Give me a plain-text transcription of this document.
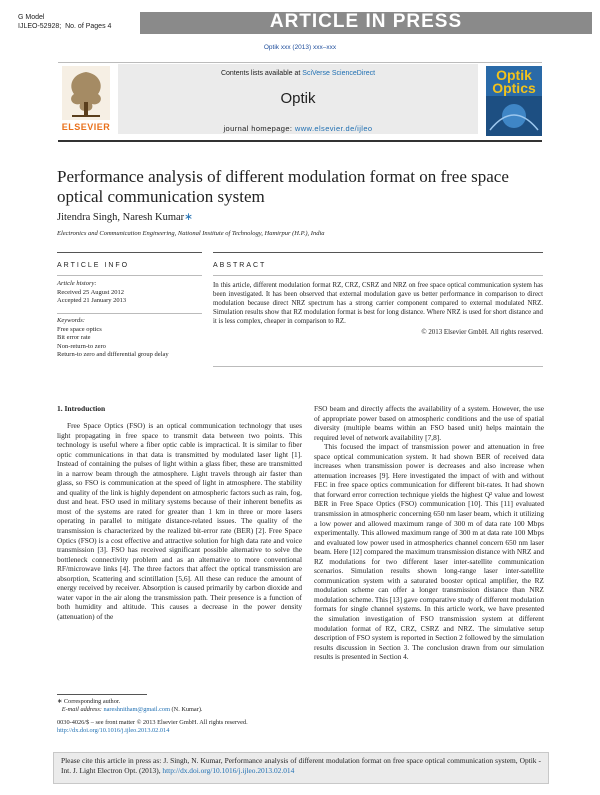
G Model
IJLEO-52928; No. of Pages 4	ARTICLE IN PRESS
Optik xxx (2013) xxx–xxx
ELSEVIER
Contents lists available at SciVerse ScienceDirect
Optik
journal homepage: www.elsevier.de/ijleo
Optik
Optics
Performance analysis of different modulation format on free space optical communication system
Jitendra Singh, Naresh Kumar∗
Electronics and Communication Engineering, National Institute of Technology, Hamirpur (H.P.), India
ARTICLE INFO	ABSTRACT
Article history:
Received 25 August 2012
Accepted 21 January 2013
Keywords:
Free space optics
Bit error rate
Non-return-to zero
Return-to zero and differential group delay
In this article, different modulation format RZ, CRZ, CSRZ and NRZ on free space optical communication system has been investigated. It has been observed that external modulation gave us better performance in comparison to direct modulation because direct NRZ spectrum has a strong carrier component compared to external modulated NRZ. Simulation results show that RZ modulation format is best for long distance. Where NRZ is used for short distance and it is less complex, cheaper in comparison to RZ.
© 2013 Elsevier GmbH. All rights reserved.
1. Introduction

Free Space Optics (FSO) is an optical communication technology that uses light propagating in free space to transmit data between two points. This technology is useful where a fiber optic cable is impractical. It is similar to fiber optic communications in that data is transmitted by modulated laser light [1]. Instead of containing the pulses of light within a glass fiber, these are transmitted in a narrow beam through the atmosphere. Light travels through air faster than glass, so FSO is communication at the speed of light in atmosphere. The stability and quality of the link is highly dependent on atmospheric factors such as rain, fog, dust and heat. FSO used in military systems because of their inherent benefits as most of the systems are rated for greater than 1 km in three or more lasers operating in parallel to mitigate distance-related issues. The quality of the transmission is characterized by the realized bit-error rate (BER) [2]. Free Space Optics (FSO) is a cost effective and attractive solution for high data rate and voice transmission [3]. FSO has received significant possible alternative to solve the bottleneck connectivity problem and as an alternative to more conventional RF/microwave links [4]. The three factors that affect the optical transmission are absorption, Scattering and scintillation [5,6]. All these can reduce the amount of energy received by receiver. Absorption is caused primarily by carbon dioxide and water vapor in the air along the transmission path. Their presence is a function of both humidity and altitude. This causes a decrease in the power density (attenuation) of the

FSO beam and directly affects the availability of a system. However, the use of appropriate power based on atmospheric conditions and the use of spatial diversity (multiple beams within an FSO based unit) helps maintain the required level of network availability [7,8].

This focused the impact of transmission power and attenuation in free space optical communication system. It had shown BER of received data increases when transmission power is decreases and also increase when attenuation increases [9]. Here investigated the impact of with and without FEC in free space optics communication for different bit-rates. It had shown that forward error correction technique yields the highest Q² value and lowest BER in Free Space Optics (FSO) communication [10]. This [11] evaluated transmission in atmospheric concerning 650 nm laser beam, which it utilizing a low power and allowed maximum range of 300 m of data rate 100 Mbps experimentally. This allowed maximum range of 300 m at data rate 100 Mbps and evaluated low power used in atmospherics channel concern 650 nm laser beam. Here [12] compared the maximum transmission distance with NRZ and RZ modulations for two different laser inter-satellite communication scenarios. Simulation results shown long-range laser inter-satellite communication system with a saturated booster optical amplifier, the RZ modulation scheme can offer a longer transmission distance than NRZ modulation scheme. This [13] gave comparative study of different modulation formats for single channel systems. In this article work, we have presented the simulation investigation of FSO transmission system at different modulation format of RZ, CRZ, CSRZ and NRZ. The simulative setup description of FSO system is reported in Section 2 followed by the simulation results discussion in Section 3. The conclusion drawn from our simulation results is presented in Section 4.

∗ Corresponding author.
E-mail address: nareshnitham@gmail.com (N. Kumar).
0030-4026/$ – see front matter © 2013 Elsevier GmbH. All rights reserved.
http://dx.doi.org/10.1016/j.ijleo.2013.02.014
Please cite this article in press as: J. Singh, N. Kumar, Performance analysis of different modulation format on free space optical communication system, Optik - Int. J. Light Electron Opt. (2013), http://dx.doi.org/10.1016/j.ijleo.2013.02.014
